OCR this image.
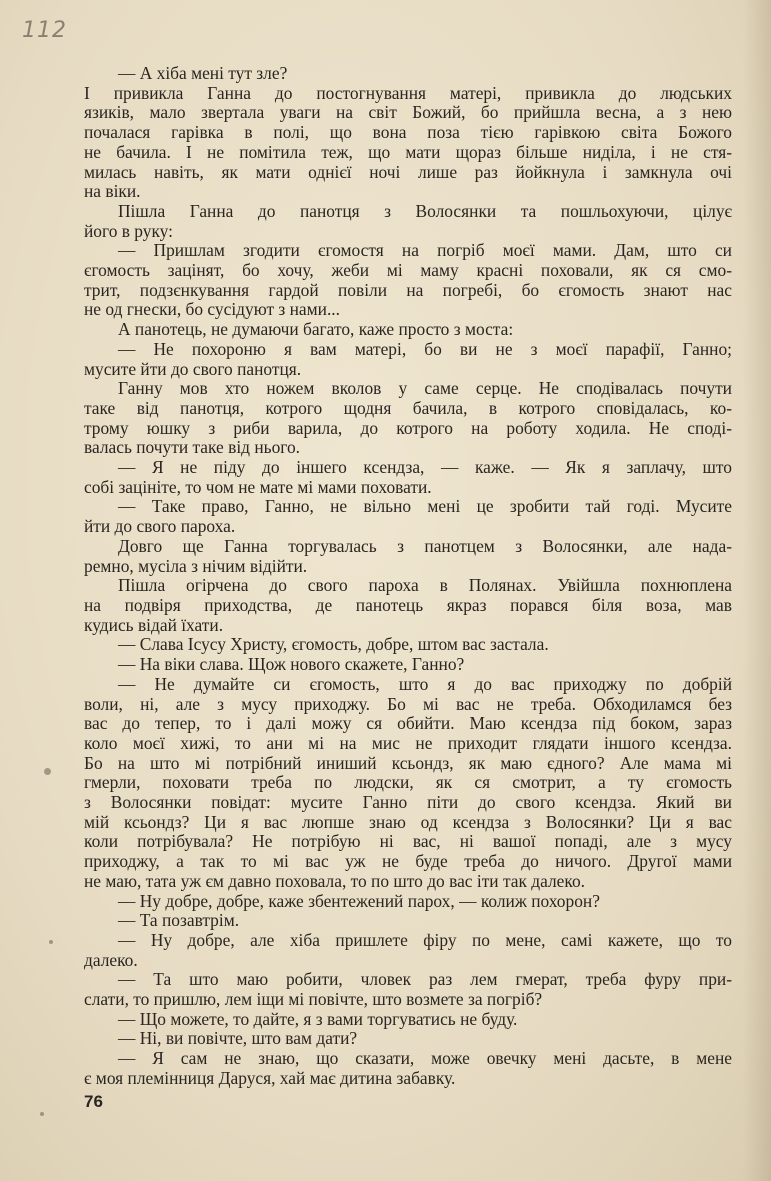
112
— А хіба мені тут зле?
І привикла Ганна до постогнування матері, привикла до людських
язиків, мало звертала уваги на світ Божий, бо прийшла весна, а з нею
почалася гарівка в полі, що вона поза тією гарівкою світа Божого
не бачила. І не помітила теж, що мати щораз більше ниділа, і не стя-
милась навіть, як мати однієї ночі лише раз йойкнула і замкнула очі
на віки.
Пішла Ганна до панотця з Волосянки та пошльохуючи, цілує
його в руку:
— Пришлам згодити єгомостя на погріб моєї мами. Дам, што си
єгомость зацінят, бо хочу, жеби мі маму красні поховали, як ся смо-
трит, подзєнкування гардой повіли на погребі, бо єгомость знают нас
не од гнески, бо сусідуют з нами...
А панотець, не думаючи багато, каже просто з моста:
— Не похороню я вам матері, бо ви не з моєї парафії, Ганно;
мусите йти до свого панотця.
Ганну мов хто ножем вколов у саме серце. Не сподівалась почути
таке від панотця, котрого щодня бачила, в котрого сповідалась, ко-
трому юшку з риби варила, до котрого на роботу ходила. Не споді-
валась почути таке від нього.
— Я не піду до іншего ксендза, — каже. — Як я заплачу, што
собі зацініте, то чом не мате мі мами поховати.
— Таке право, Ганно, не вільно мені це зробити тай годі. Мусите
йти до свого пароха.
Довго ще Ганна торгувалась з панотцем з Волосянки, але нада-
ремно, мусіла з нічим відійти.
Пішла огірчена до свого пароха в Полянах. Увійшла похнюплена
на подвіря приходства, де панотець якраз порався біля воза, мав
кудись відай їхати.
— Слава Ісусу Христу, єгомость, добре, штом вас застала.
— На віки слава. Щож нового скажете, Ганно?
— Не думайте си єгомость, што я до вас приходжу по добрій
воли, ні, але з мусу приходжу. Бо мі вас не треба. Обходиламся без
вас до тепер, то і далі можу ся обийти. Маю ксендза під боком, зараз
коло моєї хижі, то ани мі на мис не приходит глядати іншого ксендза.
Бо на што мі потрібний иниший ксьондз, як маю єдного? Але мама мі
гмерли, поховати треба по людски, як ся смотрит, а ту єгомость
з Волосянки повідат: мусите Ганно піти до свого ксендза. Який ви
мій ксьондз? Ци я вас люпше знаю од ксендза з Волосянки? Ци я вас
коли потрібувала? Не потрібую ні вас, ні вашої попаді, але з мусу
приходжу, а так то мі вас уж не буде треба до ничого. Другої мами
не маю, тата уж єм давно поховала, то по што до вас іти так далеко.
— Ну добре, добре, каже збентежений парох, — колиж похорон?
— Та позавтрім.
— Ну добре, але хіба пришлете фіру по мене, самі кажете, що то
далеко.
— Та што маю робити, чловек раз лем гмерат, треба фуру при-
слати, то пришлю, лем іщи мі повічте, што возмете за погріб?
— Що можете, то дайте, я з вами торгуватись не буду.
— Ні, ви повічте, што вам дати?
— Я сам не знаю, що сказати, може овечку мені дасьте, в мене
є моя племінниця Даруся, хай має дитина забавку.
76
